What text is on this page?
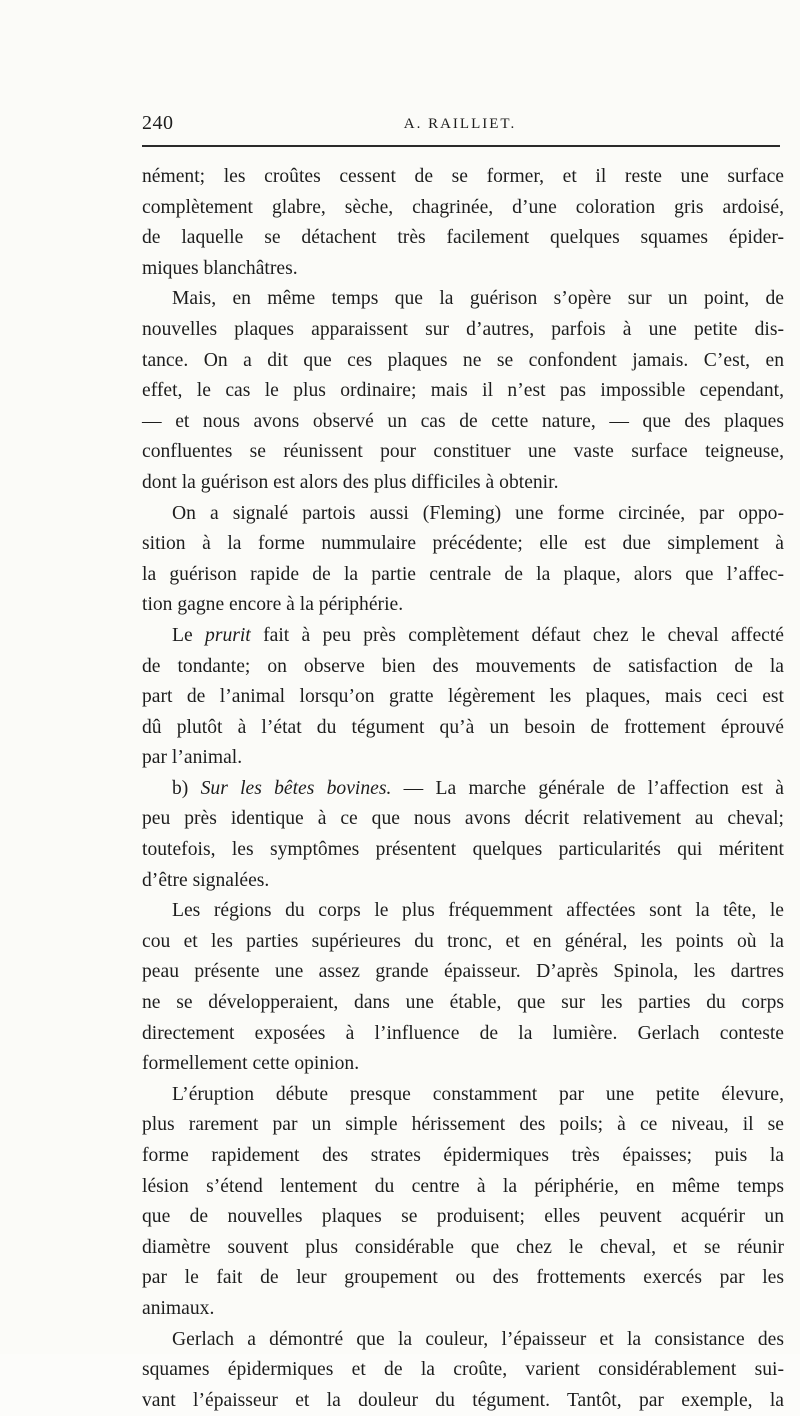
240	A. RAILLIET.

nément; les croûtes cessent de se former, et il reste une surface

complètement glabre, sèche, chagrinée, d’une coloration gris ardoisé,

de laquelle se détachent très facilement quelques squames épider-

miques blanchâtres.

Mais, en même temps que la guérison s’opère sur un point, de

nouvelles plaques apparaissent sur d’autres, parfois à une petite dis-

tance. On a dit que ces plaques ne se confondent jamais. C’est, en

effet, le cas le plus ordinaire; mais il n’est pas impossible cependant,

— et nous avons observé un cas de cette nature, — que des plaques

confluentes se réunissent pour constituer une vaste surface teigneuse,

dont la guérison est alors des plus difficiles à obtenir.

On a signalé partois aussi (Fleming) une forme circinée, par oppo-

sition à la forme nummulaire précédente; elle est due simplement à

la guérison rapide de la partie centrale de la plaque, alors que l’affec-

tion gagne encore à la périphérie.

Le prurit fait à peu près complètement défaut chez le cheval affecté

de tondante; on observe bien des mouvements de satisfaction de la

part de l’animal lorsqu’on gratte légèrement les plaques, mais ceci est

dû plutôt à l’état du tégument qu’à un besoin de frottement éprouvé

par l’animal.

b) Sur les bêtes bovines. — La marche générale de l’affection est à

peu près identique à ce que nous avons décrit relativement au cheval;

toutefois, les symptômes présentent quelques particularités qui méritent

d’être signalées.

Les régions du corps le plus fréquemment affectées sont la tête, le

cou et les parties supérieures du tronc, et en général, les points où la

peau présente une assez grande épaisseur. D’après Spinola, les dartres

ne se développeraient, dans une étable, que sur les parties du corps

directement exposées à l’influence de la lumière. Gerlach conteste

formellement cette opinion.

L’éruption débute presque constamment par une petite élevure,

plus rarement par un simple hérissement des poils; à ce niveau, il se

forme rapidement des strates épidermiques très épaisses; puis la

lésion s’étend lentement du centre à la périphérie, en même temps

que de nouvelles plaques se produisent; elles peuvent acquérir un

diamètre souvent plus considérable que chez le cheval, et se réunir

par le fait de leur groupement ou des frottements exercés par les

animaux.

Gerlach a démontré que la couleur, l’épaisseur et la consistance des

squames épidermiques et de la croûte, varient considérablement sui-

vant l’épaisseur et la douleur du tégument. Tantôt, par exemple, la
